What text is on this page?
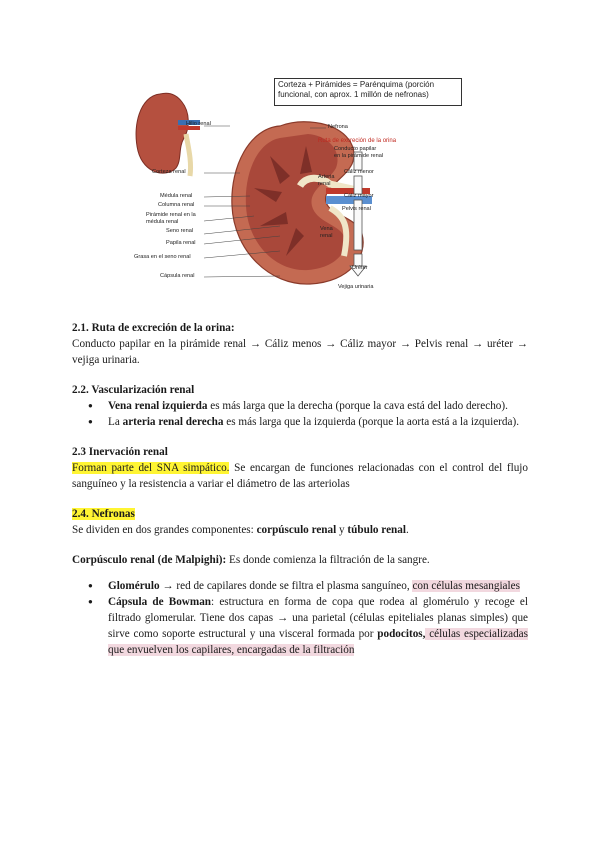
Corteza + Pirámides = Parénquima (porción funcional, con aprox. 1 millón de nefronas)
Hilio renal
Corteza renal
Médula renal
Columna renal
Pirámide renal en la médula renal
Seno renal
Papila renal
Grasa en el seno renal
Cápsula renal
Nefrona
Ruta de excreción de la orina
Conducto papilar en la pirámide renal
Cáliz menor
Arteria renal
Cáliz mayor
Pelvis renal
Vena renal
Uréter
Vejiga urinaria

2.1. Ruta de excreción de la orina:

Conducto papilar en la pirámide renal → Cáliz menos → Cáliz mayor → Pelvis renal → uréter → vejiga urinaria.

2.2. Vascularización renal

● Vena renal izquierda es más larga que la derecha (porque la cava está del lado derecho).
● La arteria renal derecha es más larga que la izquierda (porque la aorta está a la izquierda).

2.3 Inervación renal

Forman parte del SNA simpático. Se encargan de funciones relacionadas con el control del flujo sanguíneo y la resistencia a variar el diámetro de las arteriolas

2.4. Nefronas

Se dividen en dos grandes componentes: corpúsculo renal y túbulo renal.

Corpúsculo renal (de Malpighi): Es donde comienza la filtración de la sangre.

● Glomérulo → red de capilares donde se filtra el plasma sanguíneo, con células mesangiales
● Cápsula de Bowman: estructura en forma de copa que rodea al glomérulo y recoge el filtrado glomerular. Tiene dos capas → una parietal (células epiteliales planas simples) que sirve como soporte estructural y una visceral formada por podocitos, células especializadas que envuelven los capilares, encargadas de la filtración
